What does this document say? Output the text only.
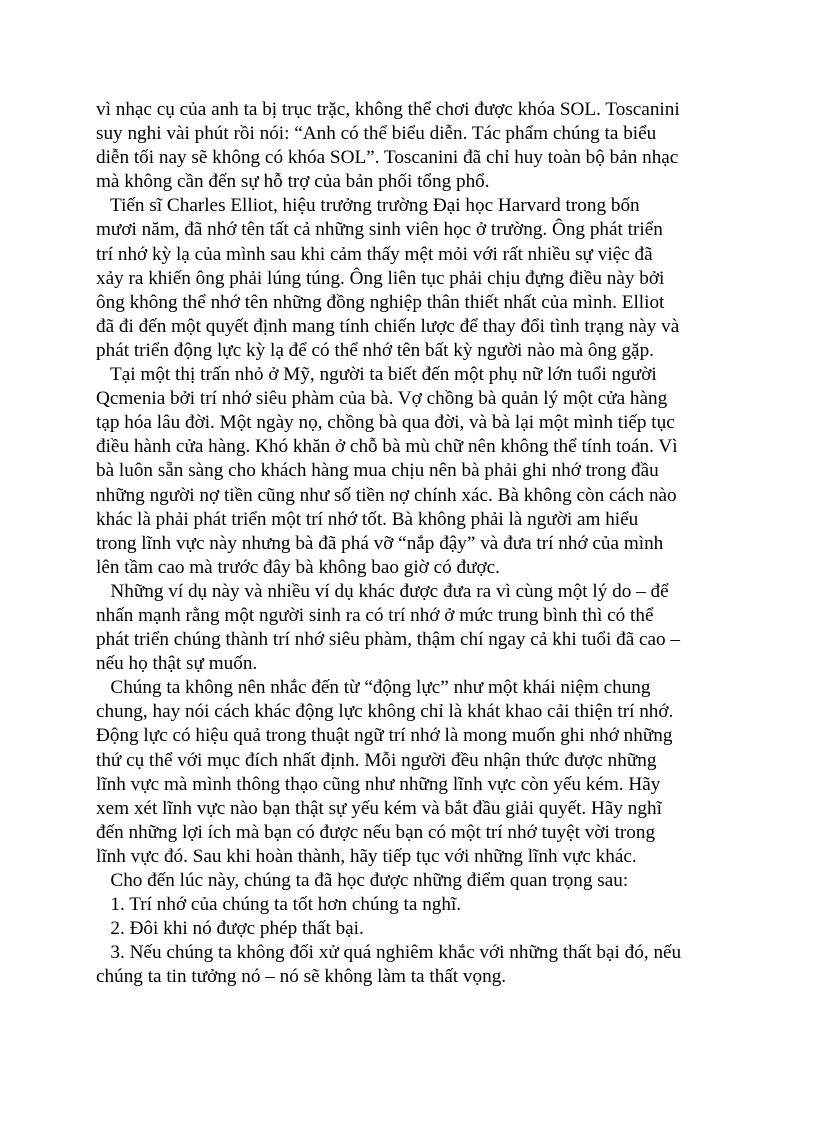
vì nhạc cụ của anh ta bị trục trặc, không thể chơi được khóa SOL. Toscanini
suy nghi vài phút rồi nói: “Anh có thể biểu diễn. Tác phẩm chúng ta biểu
diễn tối nay sẽ không có khóa SOL”. Toscanini đã chỉ huy toàn bộ bản nhạc
mà không cần đến sự hỗ trợ của bản phối tổng phổ.
Tiến sĩ Charles Elliot, hiệu trưởng trường Đại học Harvard trong bốn
mươi năm, đã nhớ tên tất cả những sinh viên học ở trường. Ông phát triển
trí nhớ kỳ lạ của mình sau khi cảm thấy mệt mỏi với rất nhiều sự việc đã
xảy ra khiến ông phải lúng túng. Ông liên tục phải chịu đựng điều này bởi
ông không thể nhớ tên những đồng nghiệp thân thiết nhất của mình. Elliot
đã đi đến một quyết định mang tính chiến lược để thay đổi tình trạng này và
phát triển động lực kỳ lạ để có thể nhớ tên bất kỳ người nào mà ông gặp.
Tại một thị trấn nhỏ ở Mỹ, người ta biết đến một phụ nữ lớn tuổi người
Qcmenia bởi trí nhớ siêu phàm của bà. Vợ chồng bà quản lý một cửa hàng
tạp hóa lâu đời. Một ngày nọ, chồng bà qua đời, và bà lại một mình tiếp tục
điều hành cửa hàng. Khó khăn ở chỗ bà mù chữ nên không thể tính toán. Vì
bà luôn sẵn sàng cho khách hàng mua chịu nên bà phải ghi nhớ trong đầu
những người nợ tiền cũng như số tiền nợ chính xác. Bà không còn cách nào
khác là phải phát triển một trí nhớ tốt. Bà không phải là người am hiểu
trong lĩnh vực này nhưng bà đã phá vỡ “nắp đậy” và đưa trí nhớ của mình
lên tầm cao mà trước đây bà không bao giờ có được.
Những ví dụ này và nhiều ví dụ khác được đưa ra vì cùng một lý do – để
nhấn mạnh rằng một người sinh ra có trí nhớ ở mức trung bình thì có thể
phát triển chúng thành trí nhớ siêu phàm, thậm chí ngay cả khi tuổi đã cao –
nếu họ thật sự muốn.
Chúng ta không nên nhắc đến từ “động lực” như một khái niệm chung
chung, hay nói cách khác động lực không chỉ là khát khao cải thiện trí nhớ.
Động lực có hiệu quả trong thuật ngữ trí nhớ là mong muốn ghi nhớ những
thứ cụ thể với mục đích nhất định. Mỗi người đều nhận thức được những
lĩnh vực mà mình thông thạo cũng như những lĩnh vực còn yếu kém. Hãy
xem xét lĩnh vực nào bạn thật sự yếu kém và bắt đầu giải quyết. Hãy nghĩ
đến những lợi ích mà bạn có được nếu bạn có một trí nhớ tuyệt vời trong
lĩnh vực đó. Sau khi hoàn thành, hãy tiếp tục với những lĩnh vực khác.
Cho đến lúc này, chúng ta đã học được những điểm quan trọng sau:
1. Trí nhớ của chúng ta tốt hơn chúng ta nghĩ.
2. Đôi khi nó được phép thất bại.
3. Nếu chúng ta không đối xử quá nghiêm khắc với những thất bại đó, nếu
chúng ta tin tưởng nó – nó sẽ không làm ta thất vọng.
